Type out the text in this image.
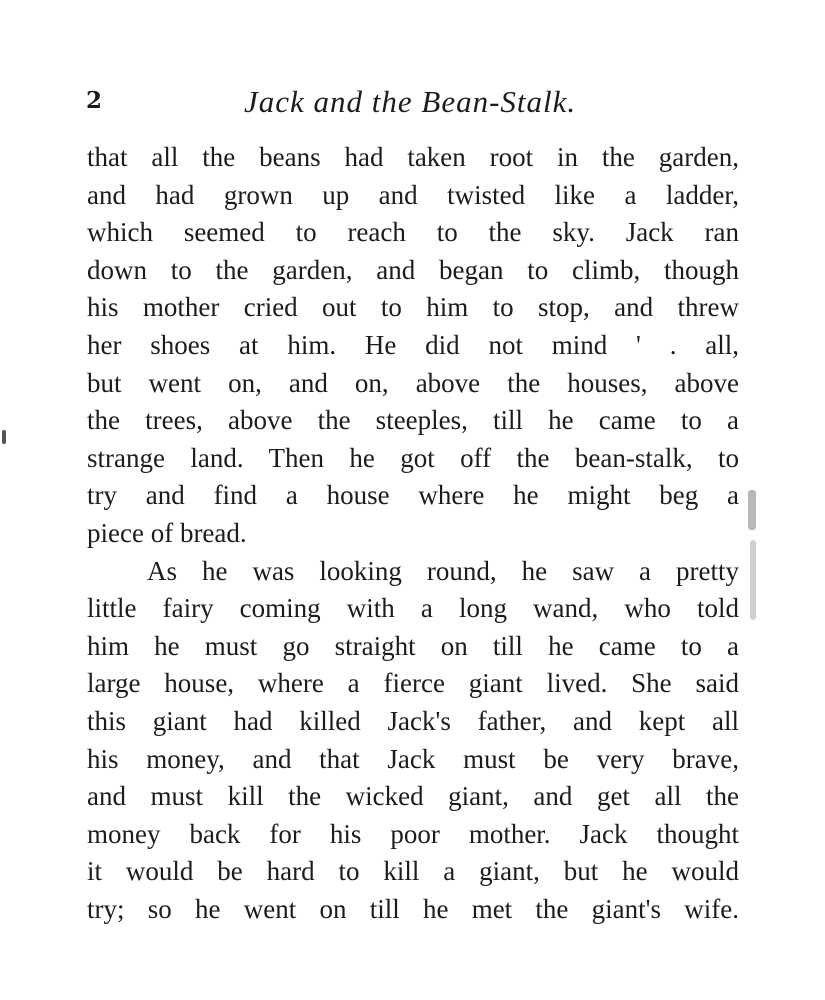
2	Jack and the Bean-Stalk.
that all the beans had taken root in the garden,
and had grown up and twisted like a ladder,
which seemed to reach to the sky. Jack ran
down to the garden, and began to climb, though
his mother cried out to him to stop, and threw
her shoes at him. He did not mind ' . all,
but went on, and on, above the houses, above
the trees, above the steeples, till he came to a
strange land. Then he got off the bean-stalk, to
try and find a house where he might beg a
piece of bread.
As he was looking round, he saw a pretty
little fairy coming with a long wand, who told
him he must go straight on till he came to a
large house, where a fierce giant lived. She said
this giant had killed Jack's father, and kept all
his money, and that Jack must be very brave,
and must kill the wicked giant, and get all the
money back for his poor mother. Jack thought
it would be hard to kill a giant, but he would
try; so he went on till he met the giant's wife.
